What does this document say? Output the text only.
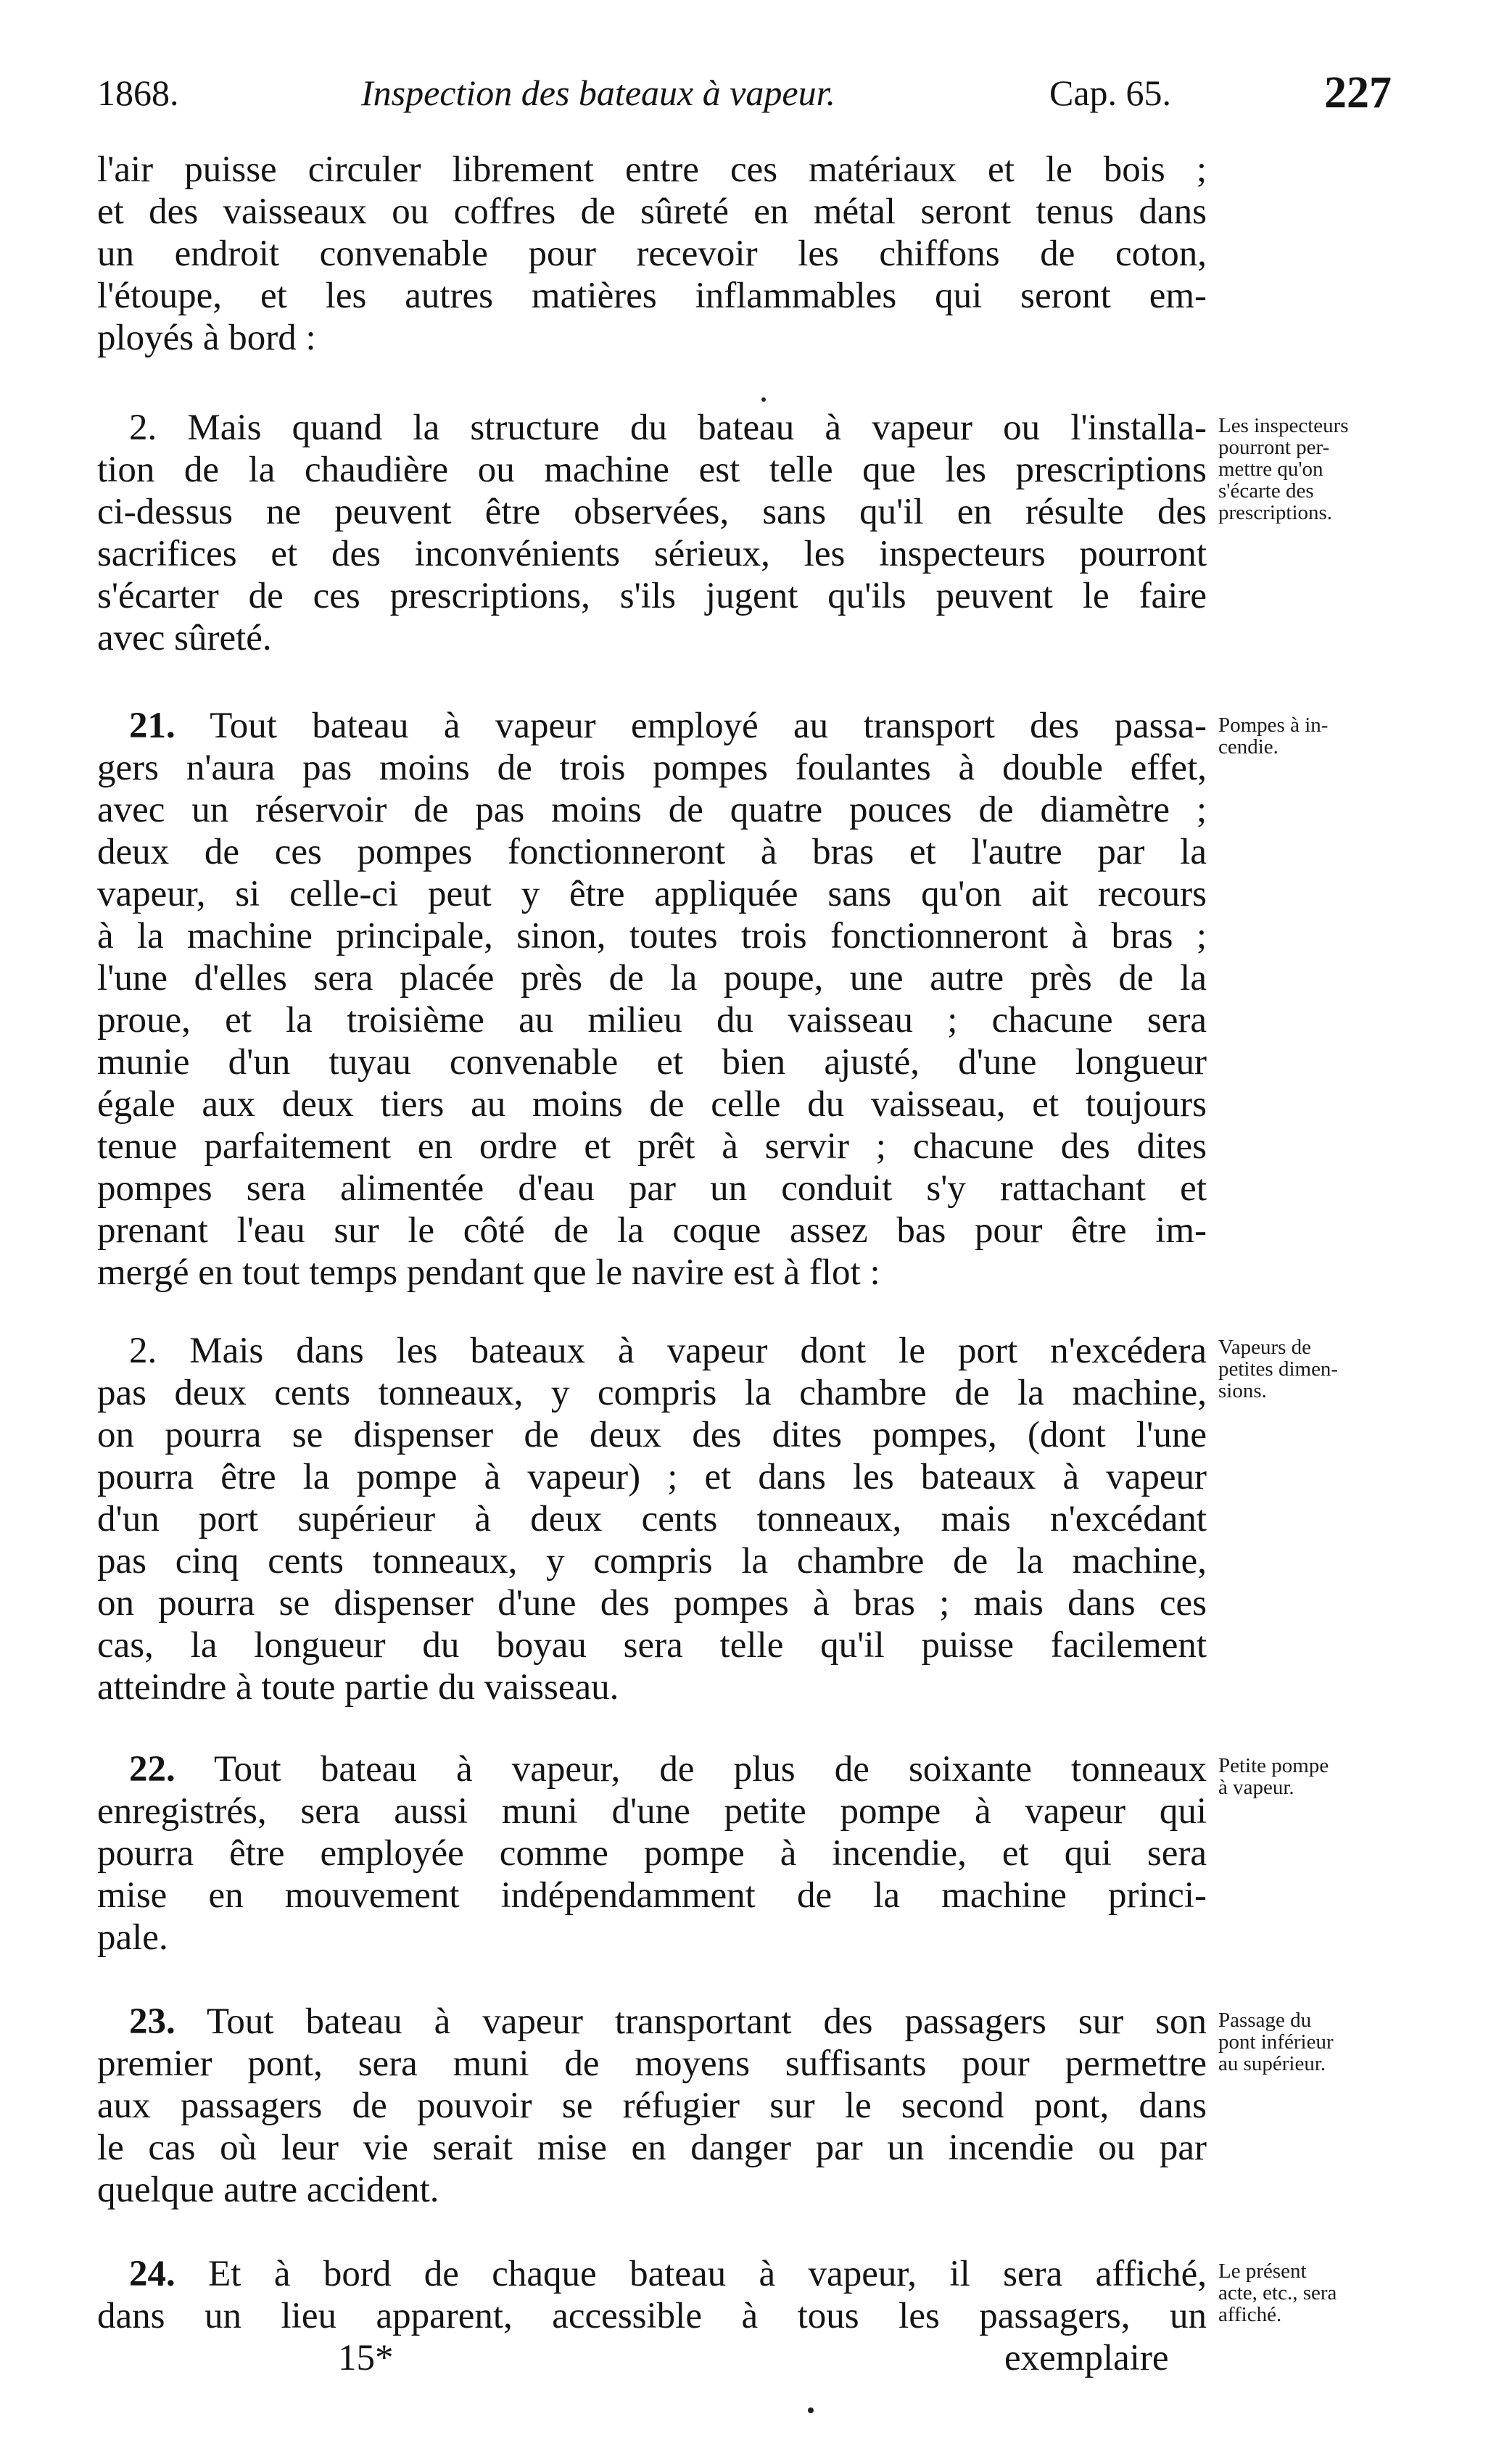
1868.	Inspection des bateaux à vapeur.	Cap. 65.	227
l'air puisse circuler librement entre ces matériaux et le bois ;
et des vaisseaux ou coffres de sûreté en métal seront tenus dans
un endroit convenable pour recevoir les chiffons de coton,
l'étoupe, et les autres matières inflammables qui seront em-
ployés à bord :
2. Mais quand la structure du bateau à vapeur ou l'installa-
tion de la chaudière ou machine est telle que les prescriptions
ci-dessus ne peuvent être observées, sans qu'il en résulte des
sacrifices et des inconvénients sérieux, les inspecteurs pourront
s'écarter de ces prescriptions, s'ils jugent qu'ils peuvent le faire
avec sûreté.
21. Tout bateau à vapeur employé au transport des passa-
gers n'aura pas moins de trois pompes foulantes à double effet,
avec un réservoir de pas moins de quatre pouces de diamètre ;
deux de ces pompes fonctionneront à bras et l'autre par la
vapeur, si celle-ci peut y être appliquée sans qu'on ait recours
à la machine principale, sinon, toutes trois fonctionneront à bras ;
l'une d'elles sera placée près de la poupe, une autre près de la
proue, et la troisième au milieu du vaisseau ; chacune sera
munie d'un tuyau convenable et bien ajusté, d'une longueur
égale aux deux tiers au moins de celle du vaisseau, et toujours
tenue parfaitement en ordre et prêt à servir ; chacune des dites
pompes sera alimentée d'eau par un conduit s'y rattachant et
prenant l'eau sur le côté de la coque assez bas pour être im-
mergé en tout temps pendant que le navire est à flot :
2. Mais dans les bateaux à vapeur dont le port n'excédera
pas deux cents tonneaux, y compris la chambre de la machine,
on pourra se dispenser de deux des dites pompes, (dont l'une
pourra être la pompe à vapeur) ; et dans les bateaux à vapeur
d'un port supérieur à deux cents tonneaux, mais n'excédant
pas cinq cents tonneaux, y compris la chambre de la machine,
on pourra se dispenser d'une des pompes à bras ; mais dans ces
cas, la longueur du boyau sera telle qu'il puisse facilement
atteindre à toute partie du vaisseau.
22. Tout bateau à vapeur, de plus de soixante tonneaux
enregistrés, sera aussi muni d'une petite pompe à vapeur qui
pourra être employée comme pompe à incendie, et qui sera
mise en mouvement indépendamment de la machine princi-
pale.
23. Tout bateau à vapeur transportant des passagers sur son
premier pont, sera muni de moyens suffisants pour permettre
aux passagers de pouvoir se réfugier sur le second pont, dans
le cas où leur vie serait mise en danger par un incendie ou par
quelque autre accident.
24. Et à bord de chaque bateau à vapeur, il sera affiché,
dans un lieu apparent, accessible à tous les passagers, un
15*	exemplaire
Les inspecteurs
pourront per-
mettre qu'on
s'écarte des
prescriptions.
Pompes à in-
cendie.
Vapeurs de
petites dimen-
sions.
Petite pompe
à vapeur.
Passage du
pont inférieur
au supérieur.
Le présent
acte, etc., sera
affiché.
